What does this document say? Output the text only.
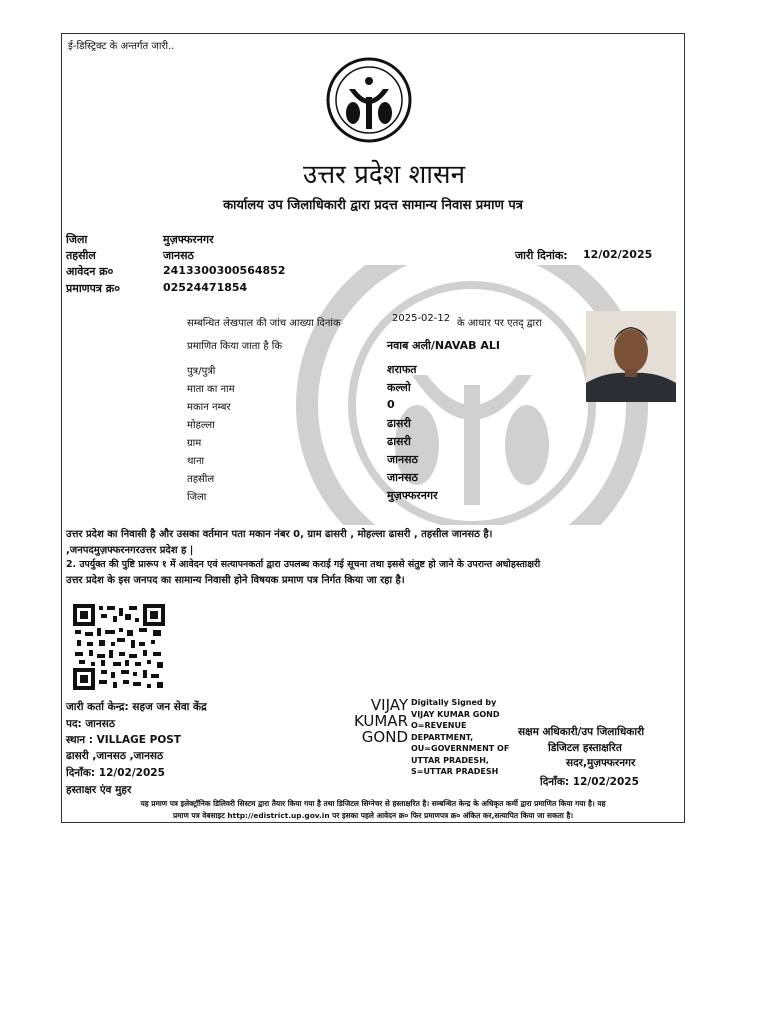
ई-डिस्ट्रिक्ट के अन्तर्गत जारी..
उत्तर प्रदेश शासन
कार्यालय उप जिलाधिकारी द्वारा प्रदत्त सामान्य निवास प्रमाण पत्र
जिला	मुज़फ्फरनगर
तहसील	जानसठ
आवेदन क्र०	241330030056485​2
प्रमाणपत्र क्र०	02524471854
जारी दिनांक: 12/02/2025
सम्बन्धित लेखपाल की जांच आख्या दिनांक	2025-02-12 के आधार पर एतद् द्वारा
प्रमाणित किया जाता है कि	नवाब अली/NAVAB ALI
पुत्र/पुत्री	शराफत
माता का नाम	कल्लो
मकान नम्बर	0
मोहल्ला	ढासरी
ग्राम	ढासरी
थाना	जानसठ
तहसील	जानसठ
जिला	मुज़फ्फरनगर
उत्तर प्रदेश का निवासी है और उसका वर्तमान पता मकान नंबर 0, ग्राम ढासरी , मोहल्ला ढासरी , तहसील जानसठ है।
,जनपदमुज़फ्फरनगरउत्तर प्रदेश ह |
2. उपर्युक्त की पुष्टि प्रारूप १ में आवेदन एवं सत्यापनकर्ता द्वारा उपलब्ध कराई गई सूचना तथा इससे संतुष्ट हो जाने के उपरान्त अधोहस्ताक्षरी
उत्तर प्रदेश के इस जनपद का सामान्य निवासी होने विषयक प्रमाण पत्र निर्गत किया जा रहा है।
जारी कर्ता केन्द्र: सहज जन सेवा केंद्र
पद: जानसठ
स्थान : VILLAGE POST
ढासरी ,जानसठ ,जानसठ
दिनाँक: 12/02/2025
हस्ताक्षर एंव मुहर
VIJAY
KUMAR
GOND
Digitally Signed by
VIJAY KUMAR GOND
O=REVENUE
DEPARTMENT,
OU=GOVERNMENT OF
UTTAR PRADESH,
S=UTTAR PRADESH
सक्षम अधिकारी/उप जिलाधिकारी
डिजिटल हस्ताक्षरित
सदर,मुज़फ्फरनगर
दिनाँक: 12/02/2025
यह प्रमाण पत्र इलेक्ट्रॉनिक डिलिवरी सिस्टम द्वारा तैयार किया गया है तथा डिजिटल सिग्नेचर से हस्ताक्षरित है। सम्बन्धित केन्द्र के अधिकृत कर्मी द्वारा प्रमाणित किया गया है। यह
प्रमाण पत्र वेबसाइट http://edistrict.up.gov.in पर इसका पहले आवेदन क्र० फिर प्रमाणपत्र क्र० अंकित कर,सत्यापित किया जा सकता है।
